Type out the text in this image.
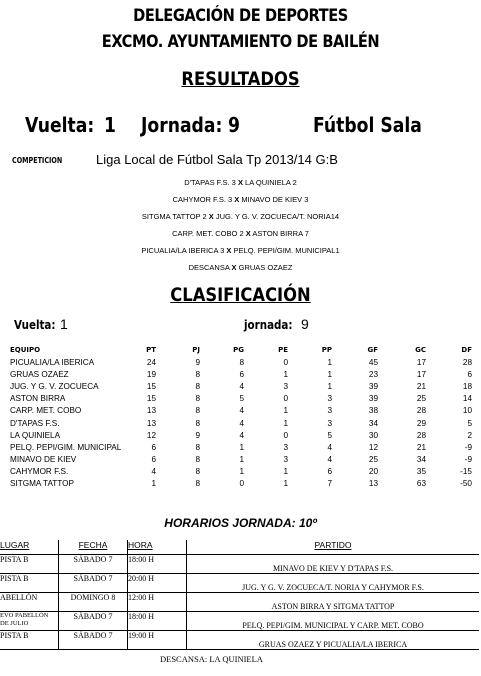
DELEGACIÓN DE DEPORTES
EXCMO. AYUNTAMIENTO DE BAILÉN
RESULTADOS
Vuelta: 1 Jornada: 9	Fútbol Sala
COMPETICION	Liga Local de Fútbol Sala Tp 2013/14 G:B
D'TAPAS F.S. 3 X LA QUINIELA 2
CAHYMOR F.S. 3 X MINAVO DE KIEV 3
SITGMA TATTOP 2 X JUG. Y G. V. ZOCUECA/T. NORIA14
CARP. MET. COBO 2 X ASTON BIRRA 7
PICUALIA/LA IBERICA 3 X PELQ. PEPI/GIM. MUNICIPAL1
DESCANSA X GRUAS OZAEZ
CLASIFICACIÓN
Vuelta: 1	jornada: 9
EQUIPO	PT	PJ	PG	PE	PP	GF	GC	DF
PICUALIA/LA IBERICA	24	9	8	0	1	45	17	28
GRUAS OZAEZ	19	8	6	1	1	23	17	6
JUG. Y G. V. ZOCUECA	15	8	4	3	1	39	21	18
ASTON BIRRA	15	8	5	0	3	39	25	14
CARP. MET. COBO	13	8	4	1	3	38	28	10
D'TAPAS F.S.	13	8	4	1	3	34	29	5
LA QUINIELA	12	9	4	0	5	30	28	2
PELQ. PEPI/GIM. MUNICIPAL	6	8	1	3	4	12	21	-9
MINAVO DE KIEV	6	8	1	3	4	25	34	-9
CAHYMOR F.S.	4	8	1	1	6	20	35	-15
SITGMA TATTOP	1	8	0	1	7	13	63	-50
HORARIOS JORNADA: 10º
LUGAR	FECHA	HORA	PARTIDO
PISTA B	SÁBADO 7	18:00 H	MINAVO DE KIEV Y D'TAPAS F.S.
PISTA B	SÁBADO 7	20:00 H	JUG. Y G. V. ZOCUECA/T. NORIA Y CAHYMOR F.S.
ABELLÓN	DOMINGO 8	12:00 H	ASTON BIRRA Y SITGMA TATTOP
EVO PABELLÓN DE JULIO	SÁBADO 7	18:00 H	PELQ. PEPI/GIM. MUNICIPAL Y CARP. MET. COBO
PISTA B	SÁBADO 7	19:00 H	GRUAS OZAEZ Y PICUALIA/LA IBERICA
DESCANSA: LA QUINIELA
